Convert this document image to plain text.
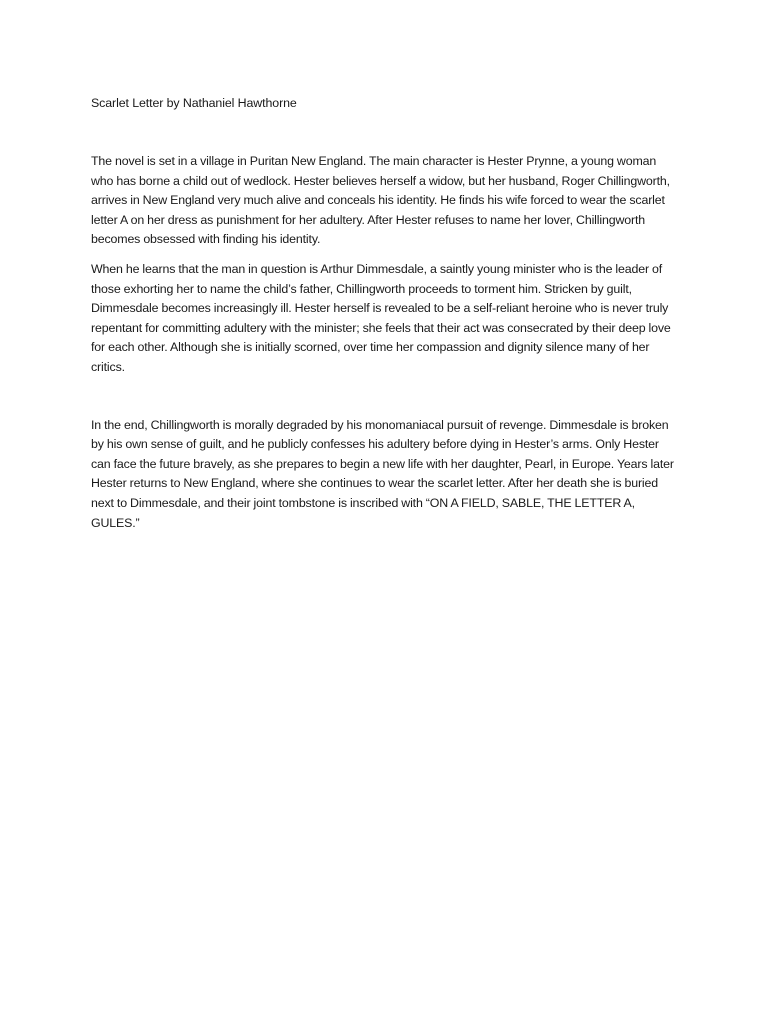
Scarlet Letter by Nathaniel Hawthorne

The novel is set in a village in Puritan New England. The main character is Hester Prynne, a young woman who has borne a child out of wedlock. Hester believes herself a widow, but her husband, Roger Chillingworth, arrives in New England very much alive and conceals his identity. He finds his wife forced to wear the scarlet letter A on her dress as punishment for her adultery. After Hester refuses to name her lover, Chillingworth becomes obsessed with finding his identity.

When he learns that the man in question is Arthur Dimmesdale, a saintly young minister who is the leader of those exhorting her to name the child’s father, Chillingworth proceeds to torment him. Stricken by guilt, Dimmesdale becomes increasingly ill. Hester herself is revealed to be a self-reliant heroine who is never truly repentant for committing adultery with the minister; she feels that their act was consecrated by their deep love for each other. Although she is initially scorned, over time her compassion and dignity silence many of her critics.

In the end, Chillingworth is morally degraded by his monomaniacal pursuit of revenge. Dimmesdale is broken by his own sense of guilt, and he publicly confesses his adultery before dying in Hester’s arms. Only Hester can face the future bravely, as she prepares to begin a new life with her daughter, Pearl, in Europe. Years later Hester returns to New England, where she continues to wear the scarlet letter. After her death she is buried next to Dimmesdale, and their joint tombstone is inscribed with “ON A FIELD, SABLE, THE LETTER A, GULES.”
